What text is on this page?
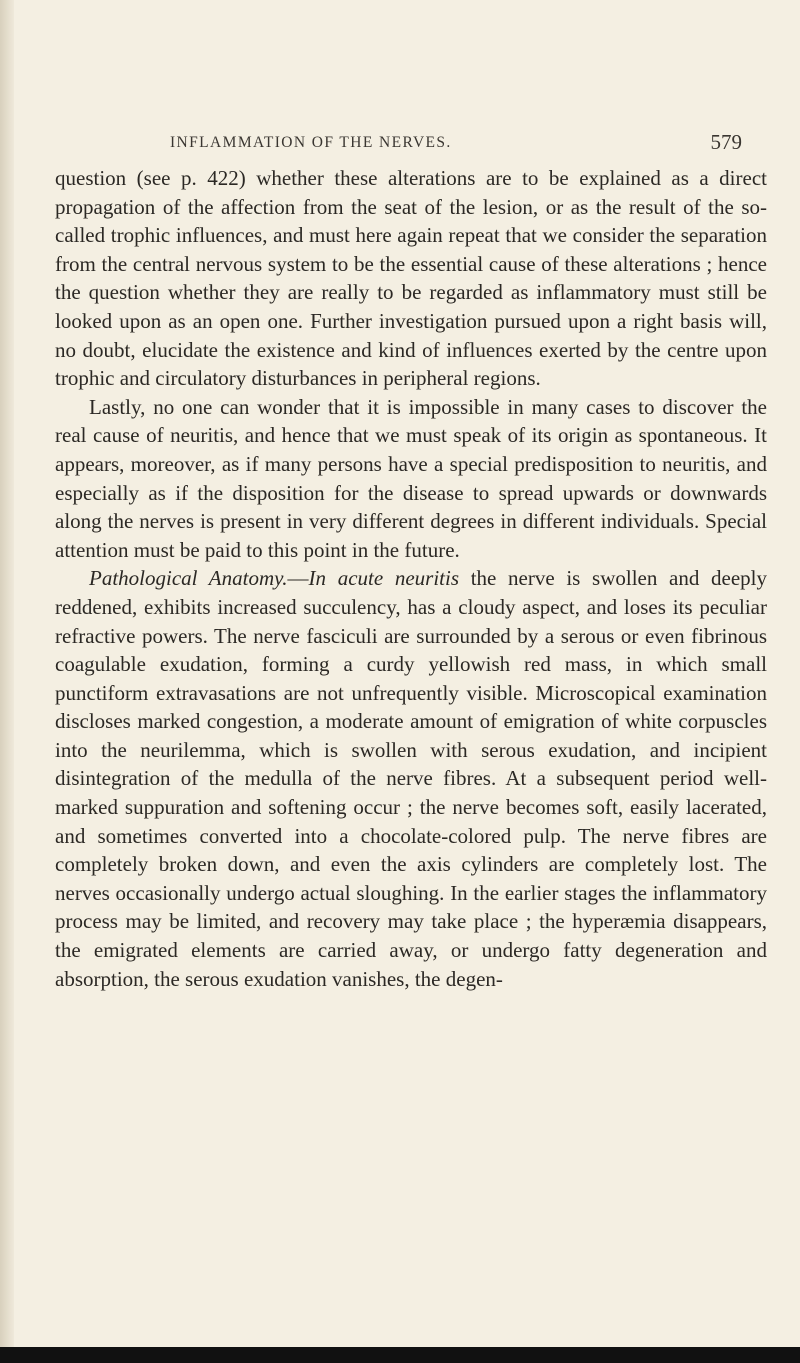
INFLAMMATION OF THE NERVES.	579

question (see p. 422) whether these alterations are to be explained as a direct propagation of the affection from the seat of the lesion, or as the result of the so-called trophic influences, and must here again repeat that we consider the separation from the central nervous system to be the essential cause of these alterations ; hence the question whether they are really to be regarded as inflammatory must still be looked upon as an open one. Further investigation pursued upon a right basis will, no doubt, elucidate the existence and kind of influences exerted by the centre upon trophic and circulatory disturbances in peripheral regions.

Lastly, no one can wonder that it is impossible in many cases to discover the real cause of neuritis, and hence that we must speak of its origin as spontaneous. It appears, moreover, as if many persons have a special predisposition to neuritis, and especially as if the disposition for the disease to spread upwards or downwards along the nerves is present in very different degrees in different individuals. Special attention must be paid to this point in the future.

Pathological Anatomy.—In acute neuritis the nerve is swollen and deeply reddened, exhibits increased succulency, has a cloudy aspect, and loses its peculiar refractive powers. The nerve fasciculi are surrounded by a serous or even fibrinous coagulable exudation, forming a curdy yellowish red mass, in which small punctiform extravasations are not unfrequently visible. Microscopical examination discloses marked congestion, a moderate amount of emigration of white corpuscles into the neurilemma, which is swollen with serous exudation, and incipient disintegration of the medulla of the nerve fibres. At a subsequent period well-marked suppuration and softening occur ; the nerve becomes soft, easily lacerated, and sometimes converted into a chocolate-colored pulp. The nerve fibres are completely broken down, and even the axis cylinders are completely lost. The nerves occasionally undergo actual sloughing. In the earlier stages the inflammatory process may be limited, and recovery may take place ; the hyperæmia disappears, the emigrated elements are carried away, or undergo fatty degeneration and absorption, the serous exudation vanishes, the degen-
